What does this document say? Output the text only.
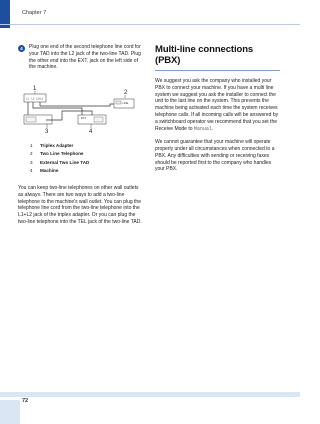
Chapter 7
4	Plug one end of the second telephone line cord for your TAD into the L2 jack of the two-line TAD. Plug the other end into the EXT. jack on the left side of the machine.
1
2
3	4
L1 L2 L1+L2
LINE
EXT.
1	Triplex Adapter
2	Two Line Telephone
3	External Two Line TAD
4	Machine
You can keep two-line telephones on other wall outlets as always. There are two ways to add a two-line telephone to the machine's wall outlet. You can plug the telephone line cord from the two-line telephone into the L1+L2 jack of the triplex adapter. Or you can plug the two-line telephone into the TEL jack of the two-line TAD.
Multi-line connections (PBX)

We suggest you ask the company who installed your PBX to connect your machine. If you have a multi line system we suggest you ask the installer to connect the unit to the last line on the system. This prevents the machine being activated each time the system receives telephone calls. If all incoming calls will be answered by a switchboard operator we recommend that you set the Receive Mode to Manual.

We cannot guarantee that your machine will operate properly under all circumstances when connected to a PBX. Any difficulties with sending or receiving faxes should be reported first to the company who handles your PBX.

72
